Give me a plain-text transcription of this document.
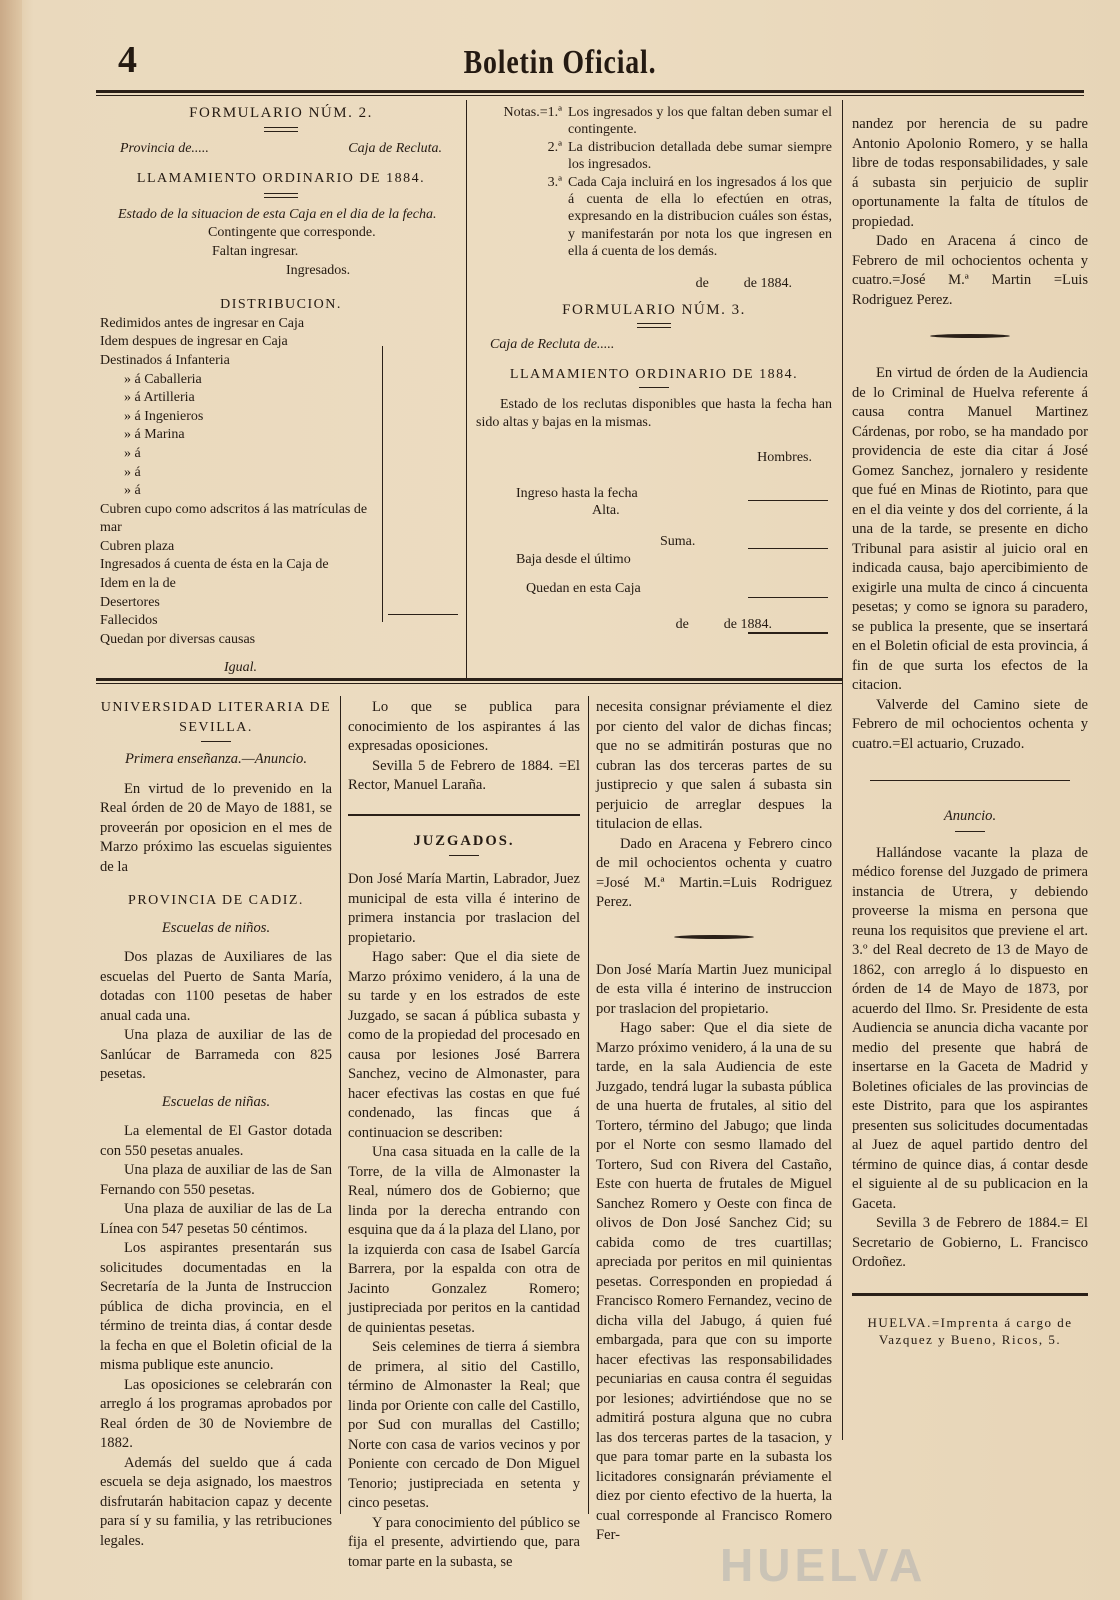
4	Boletin Oficial.
FORMULARIO NÚM. 2.
Provincia de.....	Caja de Recluta.
LLAMAMIENTO ORDINARIO DE 1884.
Estado de la situacion de esta Caja en el dia de la fecha.
Contingente que corresponde.
Faltan ingresar.
Ingresados.
DISTRIBUCION.
Redimidos antes de ingresar en Caja
Idem despues de ingresar en Caja
Destinados á Infanteria
» á Caballeria
» á Artilleria
» á Ingenieros
» á Marina
» á
» á
» á
Cubren cupo como adscritos á las matrículas de mar
Cubren plaza
Ingresados á cuenta de ésta en la Caja de
Idem en la de
Desertores
Fallecidos
Quedan por diversas causas
Igual.
Notas.=1.ª Los ingresados y los que faltan deben sumar el contingente.
2.ª La distribucion detallada debe sumar siempre los ingresados.
3.ª Cada Caja incluirá en los ingresados á los que á cuenta de ella lo efectúen en otras, expresando en la distribucion cuáles son éstas, y manifestarán por nota los que ingresen en ella á cuenta de los demás.
de          de 1884.
FORMULARIO NÚM. 3.
Caja de Recluta de.....
LLAMAMIENTO ORDINARIO DE 1884.

Estado de los reclutas disponibles que hasta la fecha han sido altas y bajas en la mismas.

Hombres.
Ingreso hasta la fecha
Alta.
Suma.
Baja desde el último
Quedan en esta Caja
de          de 1884.

nandez por herencia de su padre Antonio Apolonio Romero, y se halla libre de todas responsabilidades, y sale á subasta sin perjuicio de suplir oportunamente la falta de títulos de propiedad.

Dado en Aracena á cinco de Febrero de mil ochocientos ochenta y cuatro.=José M.ª Martin =Luis Rodriguez Perez.

En virtud de órden de la Audiencia de lo Criminal de Huelva referente á causa contra Manuel Martinez Cárdenas, por robo, se ha mandado por providencia de este dia citar á José Gomez Sanchez, jornalero y residente que fué en Minas de Riotinto, para que en el dia veinte y dos del corriente, á la una de la tarde, se presente en dicho Tribunal para asistir al juicio oral en indicada causa, bajo apercibimiento de exigirle una multa de cinco á cincuenta pesetas; y como se ignora su paradero, se publica la presente, que se insertará en el Boletin oficial de esta provincia, á fin de que surta los efectos de la citacion.

Valverde del Camino siete de Febrero de mil ochocientos ochenta y cuatro.=El actuario, Cruzado.

Anuncio.

Hallándose vacante la plaza de médico forense del Juzgado de primera instancia de Utrera, y debiendo proveerse la misma en persona que reuna los requisitos que previene el art. 3.º del Real decreto de 13 de Mayo de 1862, con arreglo á lo dispuesto en órden de 14 de Mayo de 1873, por acuerdo del Ilmo. Sr. Presidente de esta Audiencia se anuncia dicha vacante por medio del presente que habrá de insertarse en la Gaceta de Madrid y Boletines oficiales de las provincias de este Distrito, para que los aspirantes presenten sus solicitudes documentadas al Juez de aquel partido dentro del término de quince dias, á contar desde el siguiente al de su publicacion en la Gaceta.

Sevilla 3 de Febrero de 1884.= El Secretario de Gobierno, L. Francisco Ordoñez.

HUELVA.=Imprenta á cargo de
Vazquez y Bueno, Ricos, 5.
UNIVERSIDAD LITERARIA DE
SEVILLA.
Primera enseñanza.—Anuncio.

En virtud de lo prevenido en la Real órden de 20 de Mayo de 1881, se proveerán por oposicion en el mes de Marzo próximo las escuelas siguientes de la

PROVINCIA DE CADIZ.
Escuelas de niños.

Dos plazas de Auxiliares de las escuelas del Puerto de Santa María, dotadas con 1100 pesetas de haber anual cada una.

Una plaza de auxiliar de las de Sanlúcar de Barrameda con 825 pesetas.

Escuelas de niñas.

La elemental de El Gastor dotada con 550 pesetas anuales.

Una plaza de auxiliar de las de San Fernando con 550 pesetas.

Una plaza de auxiliar de las de La Línea con 547 pesetas 50 céntimos.

Los aspirantes presentarán sus solicitudes documentadas en la Secretaría de la Junta de Instruccion pública de dicha provincia, en el término de treinta dias, á contar desde la fecha en que el Boletin oficial de la misma publique este anuncio.

Las oposiciones se celebrarán con arreglo á los programas aprobados por Real órden de 30 de Noviembre de 1882.

Además del sueldo que á cada escuela se deja asignado, los maestros disfrutarán habitacion capaz y decente para sí y su familia, y las retribuciones legales.

Lo que se publica para conocimiento de los aspirantes á las expresadas oposiciones.

Sevilla 5 de Febrero de 1884. =El Rector, Manuel Laraña.

JUZGADOS.

Don José María Martin, Labrador, Juez municipal de esta villa é interino de primera instancia por traslacion del propietario.

Hago saber: Que el dia siete de Marzo próximo venidero, á la una de su tarde y en los estrados de este Juzgado, se sacan á pública subasta y como de la propiedad del procesado en causa por lesiones José Barrera Sanchez, vecino de Almonaster, para hacer efectivas las costas en que fué condenado, las fincas que á continuacion se describen:

Una casa situada en la calle de la Torre, de la villa de Almonaster la Real, número dos de Gobierno; que linda por la derecha entrando con esquina que da á la plaza del Llano, por la izquierda con casa de Isabel García Barrera, por la espalda con otra de Jacinto Gonzalez Romero; justipreciada por peritos en la cantidad de quinientas pesetas.

Seis celemines de tierra á siembra de primera, al sitio del Castillo, término de Almonaster la Real; que linda por Oriente con calle del Castillo, por Sud con murallas del Castillo; Norte con casa de varios vecinos y por Poniente con cercado de Don Miguel Tenorio; justipreciada en setenta y cinco pesetas.

Y para conocimiento del público se fija el presente, advirtiendo que, para tomar parte en la subasta, se

necesita consignar préviamente el diez por ciento del valor de dichas fincas; que no se admitirán posturas que no cubran las dos terceras partes de su justiprecio y que salen á subasta sin perjuicio de arreglar despues la titulacion de ellas.

Dado en Aracena y Febrero cinco de mil ochocientos ochenta y cuatro =José M.ª Martin.=Luis Rodriguez Perez.

Don José María Martin Juez municipal de esta villa é interino de instruccion por traslacion del propietario.

Hago saber: Que el dia siete de Marzo próximo venidero, á la una de su tarde, en la sala Audiencia de este Juzgado, tendrá lugar la subasta pública de una huerta de frutales, al sitio del Tortero, término del Jabugo; que linda por el Norte con sesmo llamado del Tortero, Sud con Rivera del Castaño, Este con huerta de frutales de Miguel Sanchez Romero y Oeste con finca de olivos de Don José Sanchez Cid; su cabida como de tres cuartillas; apreciada por peritos en mil quinientas pesetas. Corresponden en propiedad á Francisco Romero Fernandez, vecino de dicha villa del Jabugo, á quien fué embargada, para que con su importe hacer efectivas las responsabilidades pecuniarias en causa contra él seguidas por lesiones; advirtiéndose que no se admitirá postura alguna que no cubra las dos terceras partes de la tasacion, y que para tomar parte en la subasta los licitadores consignarán préviamente el diez por ciento efectivo de la huerta, la cual corresponde al Francisco Romero Fer-

HUELVA
